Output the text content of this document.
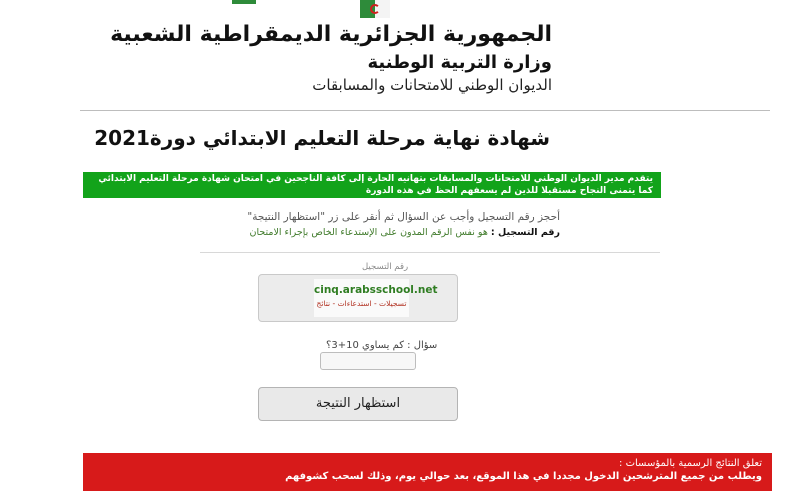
الجمهورية الجزائرية الديمقراطية الشعبية
وزارة التربية الوطنية
الديوان الوطني للامتحانات والمسابقات
شهادة نهاية مرحلة التعليم الابتدائي دورة2021
يتقدم مدير الديوان الوطني للامتحانات والمسابقات بتهانيه الحارة إلى كافة الناجحين في امتحان شهادة مرحلة التعليم الابتدائي
كما يتمنى النجاح مستقبلا للذين لم يسعفهم الحظ في هذه الدورة
أحجز رقم التسجيل وأجب عن السؤال ثم أنقر على زر "استظهار النتيجة"
رقم التسجيل : هو نفس الرقم المدون على الإستدعاء الخاص بإجراء الامتحان
رقم التسجيل
cinq.arabsschool.net
تسجيلات - استدعاءات - نتائج
سؤال : كم يساوي 10+3؟
استظهار النتيجة
تعلق النتائج الرسمية بالمؤسسات :
ويطلب من جميع المترشحين الدخول مجددا في هذا الموقع، بعد حوالي يوم، وذلك لسحب كشوفهم
